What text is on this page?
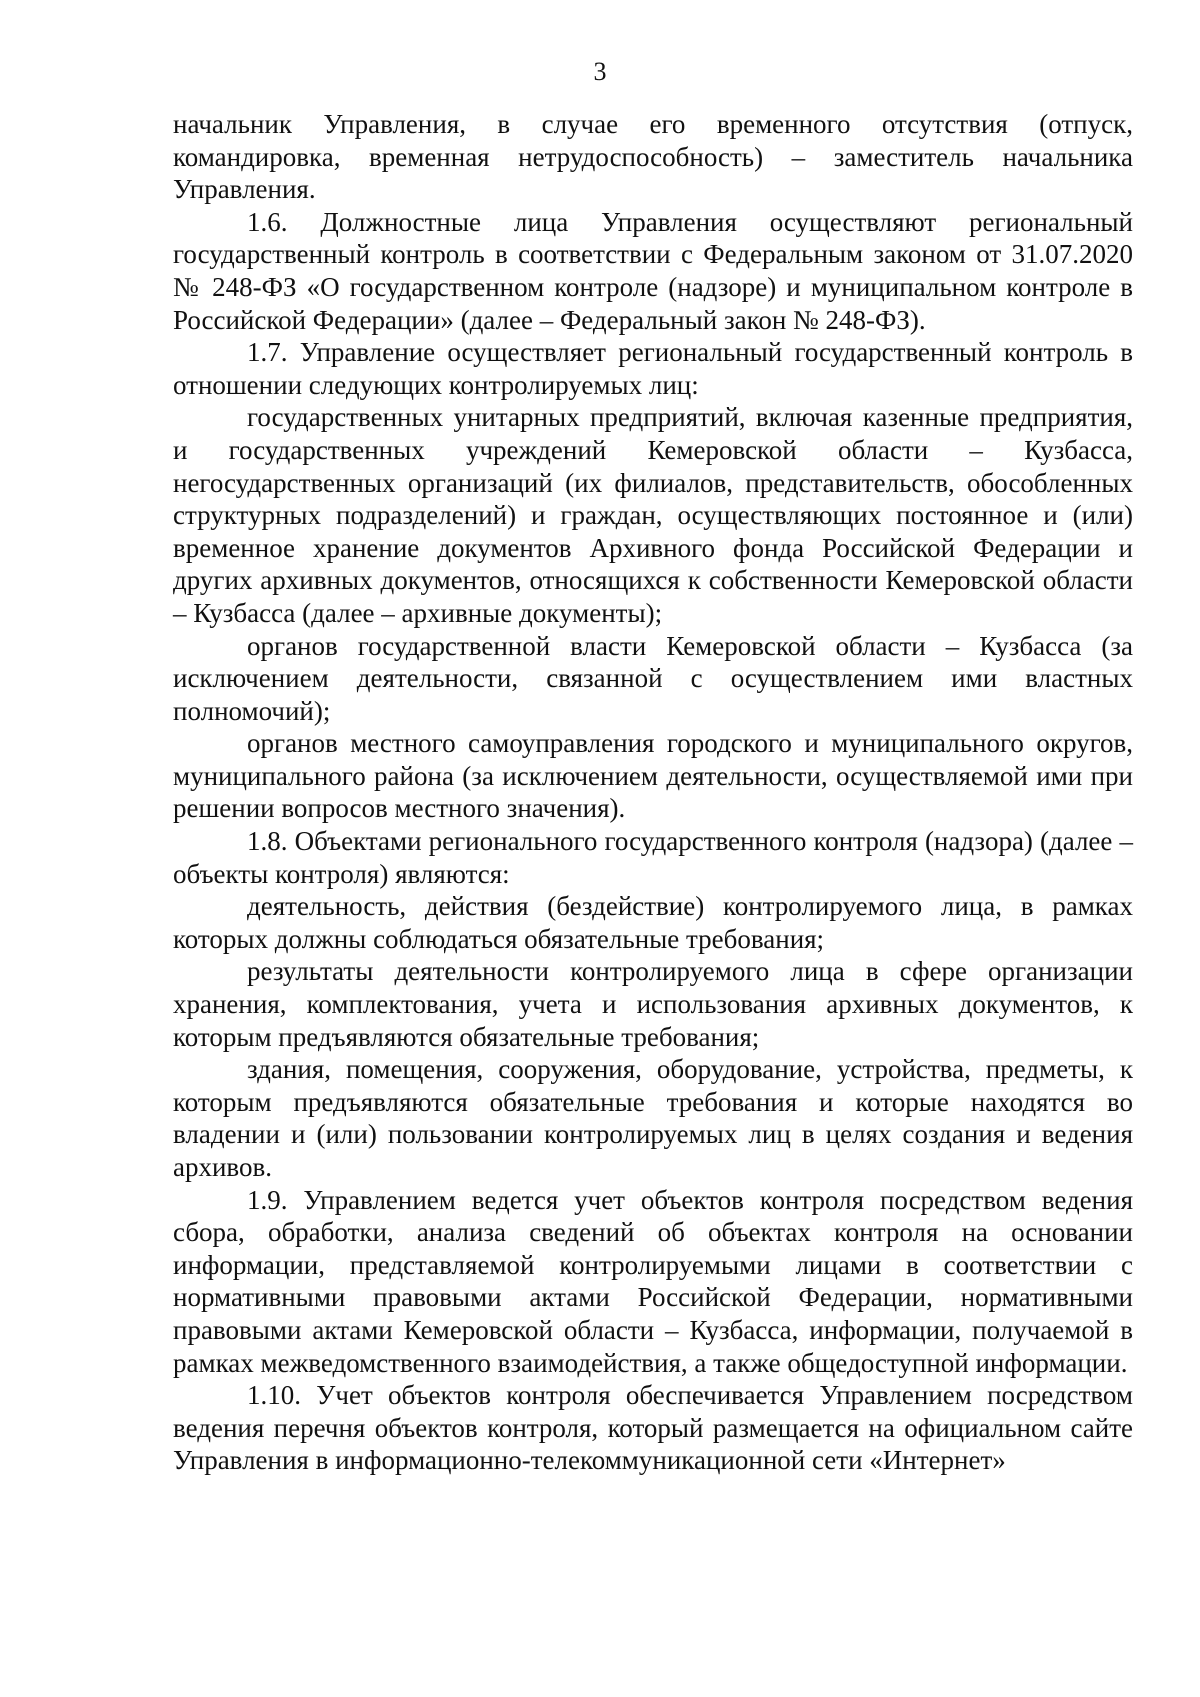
3

начальник Управления, в случае его временного отсутствия (отпуск, командировка, временная нетрудоспособность) – заместитель начальника Управления.

1.6. Должностные лица Управления осуществляют региональный государственный контроль в соответствии с Федеральным законом от 31.07.2020 № 248-ФЗ «О государственном контроле (надзоре) и муниципальном контроле в Российской Федерации» (далее – Федеральный закон № 248-ФЗ).

1.7. Управление осуществляет региональный государственный контроль в отношении следующих контролируемых лиц:

государственных унитарных предприятий, включая казенные предприятия, и государственных учреждений Кемеровской области – Кузбасса, негосударственных организаций (их филиалов, представительств, обособленных структурных подразделений) и граждан, осуществляющих постоянное и (или) временное хранение документов Архивного фонда Российской Федерации и других архивных документов, относящихся к собственности Кемеровской области – Кузбасса (далее – архивные документы);

органов государственной власти Кемеровской области – Кузбасса (за исключением деятельности, связанной с осуществлением ими властных полномочий);

органов местного самоуправления городского и муниципального округов, муниципального района (за исключением деятельности, осуществляемой ими при решении вопросов местного значения).

1.8. Объектами регионального государственного контроля (надзора) (далее – объекты контроля) являются:

деятельность, действия (бездействие) контролируемого лица, в рамках которых должны соблюдаться обязательные требования;

результаты деятельности контролируемого лица в сфере организации хранения, комплектования, учета и использования архивных документов, к которым предъявляются обязательные требования;

здания, помещения, сооружения, оборудование, устройства, предметы, к которым предъявляются обязательные требования и которые находятся во владении и (или) пользовании контролируемых лиц в целях создания и ведения архивов.

1.9. Управлением ведется учет объектов контроля посредством ведения сбора, обработки, анализа сведений об объектах контроля на основании информации, представляемой контролируемыми лицами в соответствии с нормативными правовыми актами Российской Федерации, нормативными правовыми актами Кемеровской области – Кузбасса, информации, получаемой в рамках межведомственного взаимодействия, а также общедоступной информации.

1.10. Учет объектов контроля обеспечивается Управлением посредством ведения перечня объектов контроля, который размещается на официальном сайте Управления в информационно-телекоммуникационной сети «Интернет»
